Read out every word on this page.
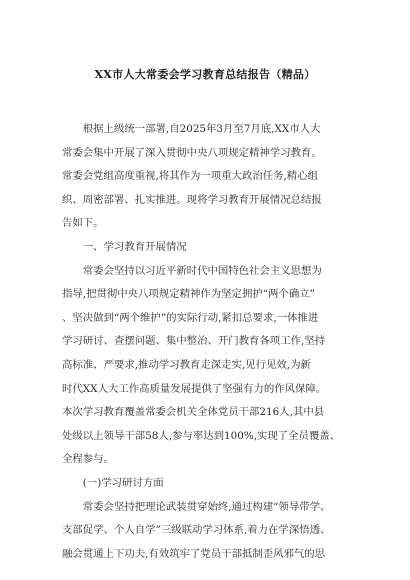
XX市人大常委会学习教育总结报告（精品）
　　根据上级统一部署,自2025年3月至7月底,XX市人大
常委会集中开展了深入贯彻中央八项规定精神学习教育。
常委会党组高度重视,将其作为一项重大政治任务,精心组
织、周密部署、扎实推进。现将学习教育开展情况总结报
告如下。
　　一、学习教育开展情况
　　常委会坚持以习近平新时代中国特色社会主义思想为
指导,把贯彻中央八项规定精神作为坚定拥护“两个确立”
、坚决做到“两个维护”的实际行动,紧扣总要求,一体推进
学习研讨、查摆问题、集中整治、开门教育各项工作,坚持
高标准、严要求,推动学习教育走深走实,见行见效,为新
时代XX人大工作高质量发展提供了坚强有力的作风保障。
本次学习教育覆盖常委会机关全体党员干部216人,其中县
处级以上领导干部58人,参与率达到100%,实现了全员覆盖、
全程参与。
　　(一)学习研讨方面
　　常委会坚持把理论武装贯穿始终,通过构建“领导带学、
支部促学、个人自学”三级联动学习体系,着力在学深悟透、
融会贯通上下功夫,有效筑牢了党员干部抵制歪风邪气的思
